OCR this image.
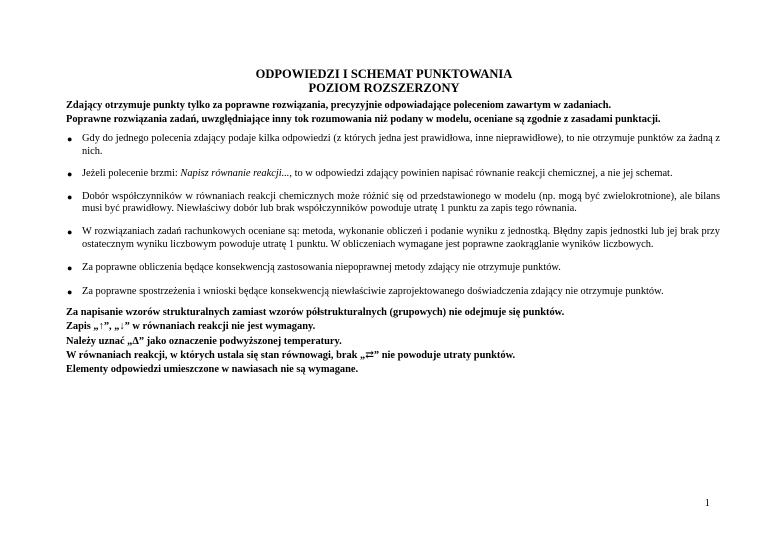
ODPOWIEDZI I SCHEMAT PUNKTOWANIA
POZIOM ROZSZERZONY
Zdający otrzymuje punkty tylko za poprawne rozwiązania, precyzyjnie odpowiadające poleceniom zawartym w zadaniach.
Poprawne rozwiązania zadań, uwzględniające inny tok rozumowania niż podany w modelu, oceniane są zgodnie z zasadami punktacji.
● Gdy do jednego polecenia zdający podaje kilka odpowiedzi (z których jedna jest prawidłowa, inne nieprawidłowe), to nie otrzymuje punktów za żadną z nich.
● Jeżeli polecenie brzmi: Napisz równanie reakcji..., to w odpowiedzi zdający powinien napisać równanie reakcji chemicznej, a nie jej schemat.
● Dobór współczynników w równaniach reakcji chemicznych może różnić się od przedstawionego w modelu (np. mogą być zwielokrotnione), ale bilans musi być prawidłowy. Niewłaściwy dobór lub brak współczynników powoduje utratę 1 punktu za zapis tego równania.
● W rozwiązaniach zadań rachunkowych oceniane są: metoda, wykonanie obliczeń i podanie wyniku z jednostką. Błędny zapis jednostki lub jej brak przy ostatecznym wyniku liczbowym powoduje utratę 1 punktu. W obliczeniach wymagane jest poprawne zaokrąglanie wyników liczbowych.
● Za poprawne obliczenia będące konsekwencją zastosowania niepoprawnej metody zdający nie otrzymuje punktów.
● Za poprawne spostrzeżenia i wnioski będące konsekwencją niewłaściwie zaprojektowanego doświadczenia zdający nie otrzymuje punktów.
Za napisanie wzorów strukturalnych zamiast wzorów półstrukturalnych (grupowych) nie odejmuje się punktów.
Zapis „↑”, „↓” w równaniach reakcji nie jest wymagany.
Należy uznać „Δ” jako oznaczenie podwyższonej temperatury.
W równaniach reakcji, w których ustala się stan równowagi, brak „⇄” nie powoduje utraty punktów.
Elementy odpowiedzi umieszczone w nawiasach nie są wymagane.
1
